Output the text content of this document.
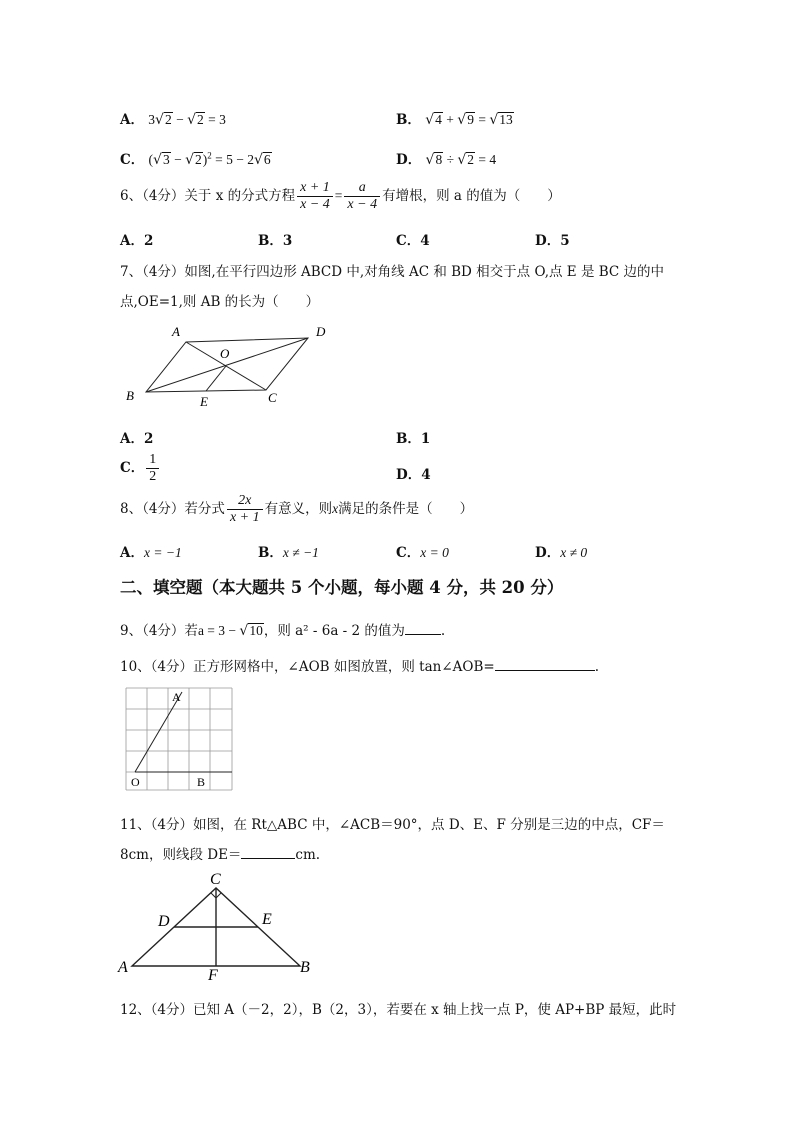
A． 3√2 − √2 = 3	B． √4 + √9 = √13
C． $(√3 - √2)^2 = 5 - 2√6$	D． √8 ÷ √2 = 4
6、（4分）关于 x 的分式方程 $\frac{x + 1}{x - 4} = \frac{a}{x - 4}$ 有增根，则 a 的值为（　　）
A．2	B．3	C．4	D．5
7、（4分）如图,在平行四边形 ABCD 中,对角线 AC 和 BD 相交于点 O,点 E 是 BC 边的中
点,OE=1,则 AB 的长为（　　）
A	D
O
B	E	C
A．2	B．1
C． $\frac{1}{2}$	D．4
8、（4分）若分式 $\frac{2x}{x + 1}$ 有意义，则x满足的条件是（　　）
A．x = −1	B．x ≠ −1	C．x = 0	D．x ≠ 0
二、填空题（本大题共 5 个小题，每小题 4 分，共 20 分）
9、（4分）若a = 3 − √10，则 a² - 6a - 2 的值为	.
10、（4分）正方形网格中，∠AOB 如图放置，则 tan∠AOB=	.
A
O	B
11、（4分）如图，在 Rt△ABC 中，∠ACB＝90°，点 D、E、F 分别是三边的中点，CF＝
8cm，则线段 DE＝	cm.
C
D	E
A	F	B
12、（4分）已知 A（－2，2），B（2，3），若要在 x 轴上找一点 P，使 AP+BP 最短，此时
